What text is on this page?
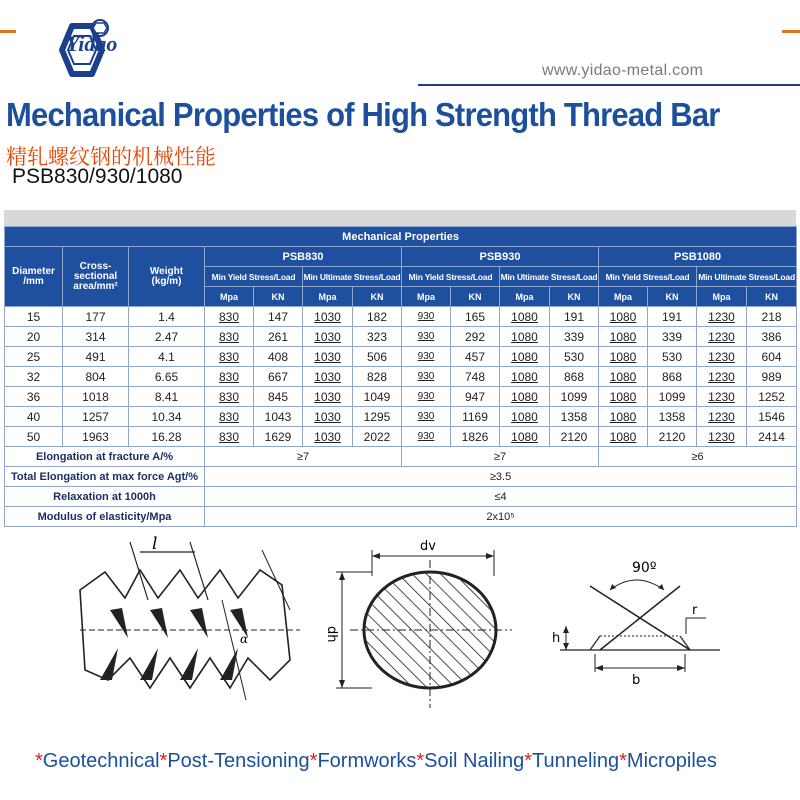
Yidao
www.yidao-metal.com
Mechanical Properties of High Strength Thread Bar
精轧螺纹钢的机械性能
PSB830/930/1080
Mechanical Properties														
Diameter /mm	Cross-sectional area/mm²	Weight (kg/m)	PSB830				PSB930				PSB1080			
			Min Yield Stress/Load		Min Ultimate Stress/Load		Min Yield Stress/Load		Min Ultimate Stress/Load		Min Yield Stress/Load		Min Ultimate Stress/Load	
			Mpa	KN	Mpa	KN	Mpa	KN	Mpa	KN	Mpa	KN	Mpa	KN
15	177	1.4	830	147	1030	182	930	165	1080	191	1080	191	1230	218
20	314	2.47	830	261	1030	323	930	292	1080	339	1080	339	1230	386
25	491	4.1	830	408	1030	506	930	457	1080	530	1080	530	1230	604
32	804	6.65	830	667	1030	828	930	748	1080	868	1080	868	1230	989
36	1018	8.41	830	845	1030	1049	930	947	1080	1099	1080	1099	1230	1252
40	1257	10.34	830	1043	1030	1295	930	1169	1080	1358	1080	1358	1230	1546
50	1963	16.28	830	1629	1030	2022	930	1826	1080	2120	1080	2120	1230	2414
Elongation at fracture A/%			≥7				≥7				≥6			
Total Elongation at max force Agt/%			≥3.5											
Relaxation at 1000h			≤4											
Modulus of elasticity/Mpa			2x10⁵											
l
α
dv
dh
90º
r
h
b
*Geotechnical*Post-Tensioning*Formworks*Soil Nailing*Tunneling*Micropiles
